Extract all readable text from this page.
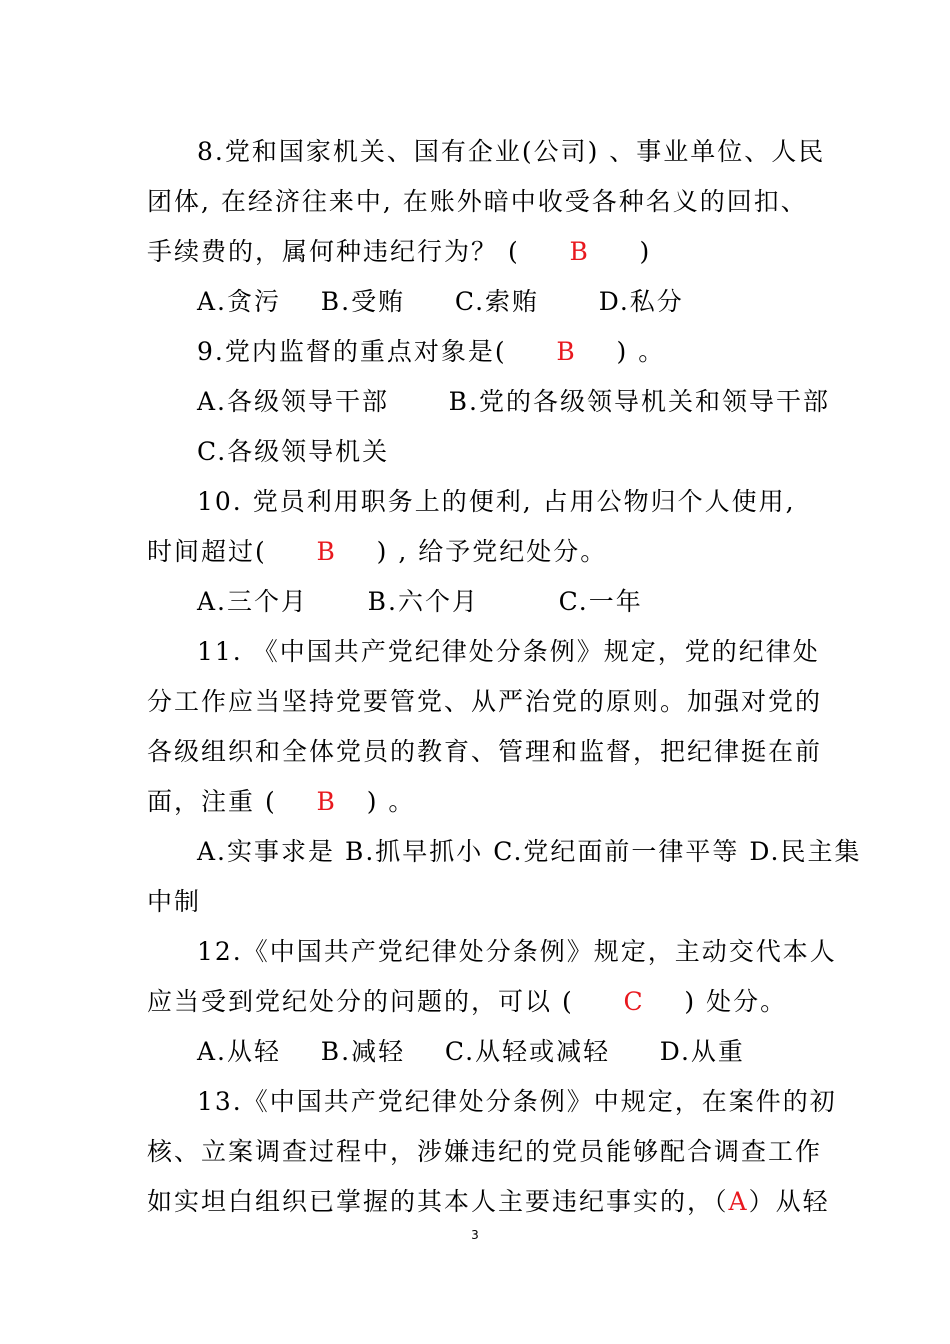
8.党和国家机关、国有企业(公司) 、事业单位、人民
团体, 在经济往来中, 在账外暗中收受各种名义的回扣、
手续费的，属何种违纪行为？ (     B     )
A.贪污    B.受贿     C.索贿      D.私分
9.党内监督的重点对象是(     B    ) 。
A.各级领导干部      B.党的各级领导机关和领导干部
C.各级领导机关
10. 党员利用职务上的便利, 占用公物归个人使用,
时间超过(     B    ) , 给予党纪处分。
A.三个月      B.六个月        C.一年
11. 《中国共产党纪律处分条例》规定，党的纪律处
分工作应当坚持党要管党、从严治党的原则。加强对党的
各级组织和全体党员的教育、管理和监督，把纪律挺在前
面，注重 (    B   ) 。
A.实事求是 B.抓早抓小 C.党纪面前一律平等 D.民主集
中制
12.《中国共产党纪律处分条例》规定，主动交代本人
应当受到党纪处分的问题的，可以 (     C    ) 处分。
A.从轻    B.减轻    C.从轻或减轻     D.从重
13.《中国共产党纪律处分条例》中规定，在案件的初
核、立案调查过程中，涉嫌违纪的党员能够配合调查工作
如实坦白组织已掌握的其本人主要违纪事实的，（A）从轻
3
